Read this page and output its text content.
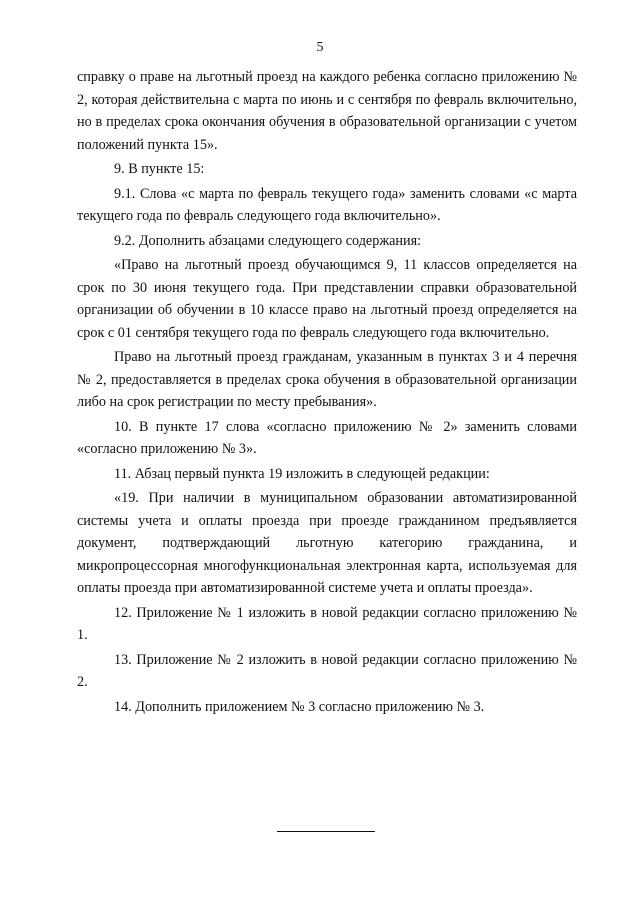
5

справку о праве на льготный проезд на каждого ребенка согласно приложению № 2, которая действительна с марта по июнь и с сентября по февраль включительно, но в пределах срока окончания обучения в образовательной организации с учетом положений пункта 15».

9. В пункте 15:

9.1. Слова «с марта по февраль текущего года» заменить словами «с марта текущего года по февраль следующего года включительно».

9.2. Дополнить абзацами следующего содержания:

«Право на льготный проезд обучающимся 9, 11 классов определяется на срок по 30 июня текущего года. При представлении справки образовательной организации об обучении в 10 классе право на льготный проезд определяется на срок с 01 сентября текущего года по февраль следующего года включительно.

Право на льготный проезд гражданам, указанным в пунктах 3 и 4 перечня № 2, предоставляется в пределах срока обучения в образовательной организации либо на срок регистрации по месту пребывания».

10. В пункте 17 слова «согласно приложению № 2» заменить словами «согласно приложению № 3».

11. Абзац первый пункта 19 изложить в следующей редакции:

«19. При наличии в муниципальном образовании автоматизированной системы учета и оплаты проезда при проезде гражданином предъявляется документ, подтверждающий льготную категорию гражданина, и микропроцессорная многофункциональная электронная карта, используемая для оплаты проезда при автоматизированной системе учета и оплаты проезда».

12. Приложение № 1 изложить в новой редакции согласно приложению № 1.

13. Приложение № 2 изложить в новой редакции согласно приложению № 2.

14. Дополнить приложением № 3 согласно приложению № 3.
